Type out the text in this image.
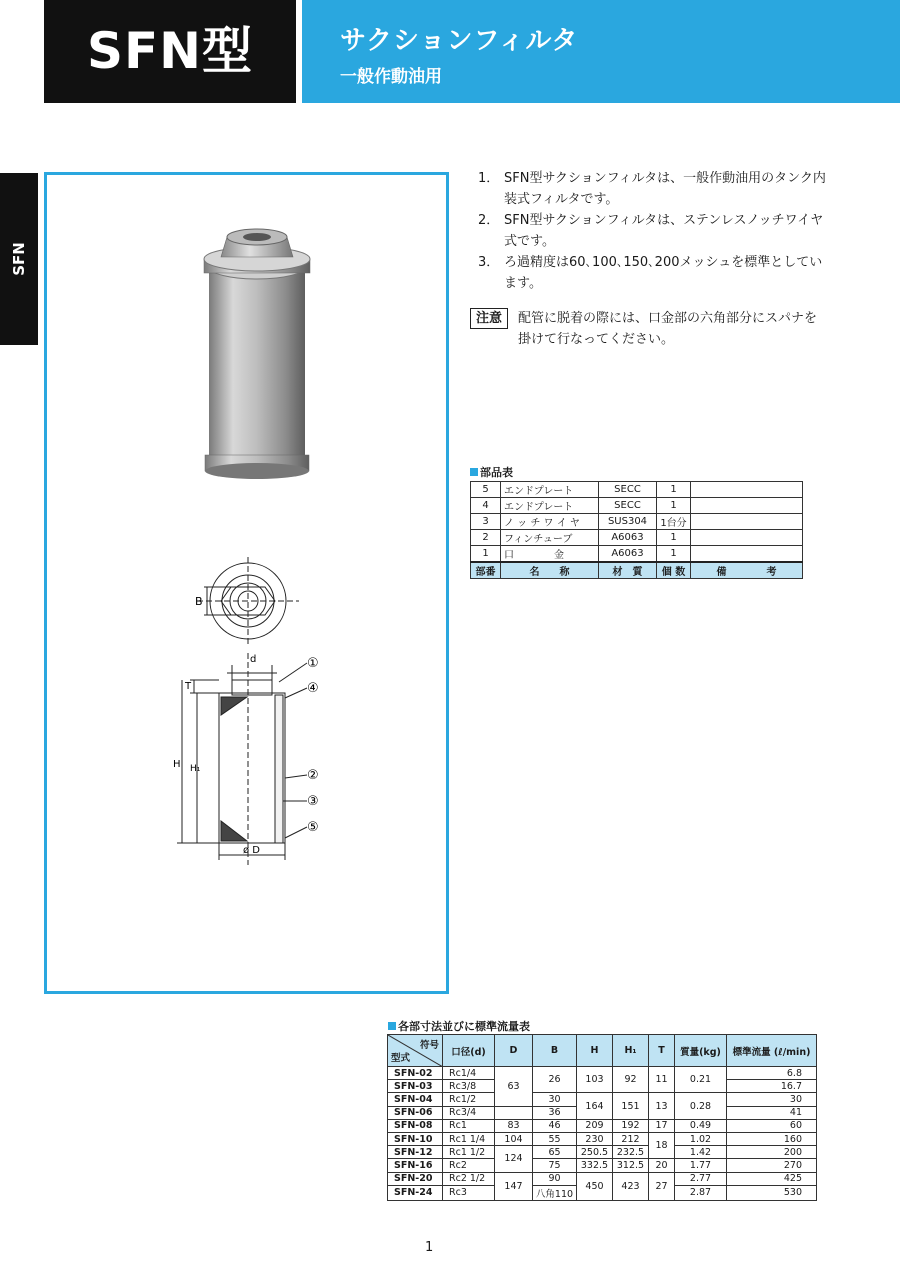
SFN型	サクションフィルタ
一般作動油用
SFN
B
d
T
H H₁
ø D
①
④
②
③
⑤
1． SFN型サクションフィルタは、一般作動油用のタンク内装式フィルタです。
2． SFN型サクションフィルタは、ステンレスノッチワイヤ式です。
3． ろ過精度は60､100､150､200メッシュを標準としています。
注意	配管に脱着の際には、口金部の六角部分にスパナを掛けて行なってください。
部品表
5	エンドプレート	SECC	1	
4	エンドプレート	SECC	1	
3	ノ ッ チ ワ イ ヤ	SUS304	1台分	
2	フィンチューブ	A6063	1	
1	口　　　　金	A6063	1	
部番	名　　称	材　質	個 数	備　　　　考
各部寸法並びに標準流量表
符号
型式	口径(d)	D	B	H	H₁	T	質量(kg)	標準流量 (ℓ/min)
SFN-02	Rc1/4	63	26	103	92	11	0.21	6.8
SFN-03	Rc3/8							16.7
SFN-04	Rc1/2		30	164	151	13	0.28	30
SFN-06	Rc3/4		36					41
SFN-08	Rc1	83	46	209	192	17	0.49	60
SFN-10	Rc1 1/4	104	55	230	212	18	1.02	160
SFN-12	Rc1 1/2	124	65	250.5	232.5		1.42	200
SFN-16	Rc2		75	332.5	312.5	20	1.77	270
SFN-20	Rc2 1/2	147	90	450	423	27	2.77	425
SFN-24	Rc3		八角110				2.87	530
1
